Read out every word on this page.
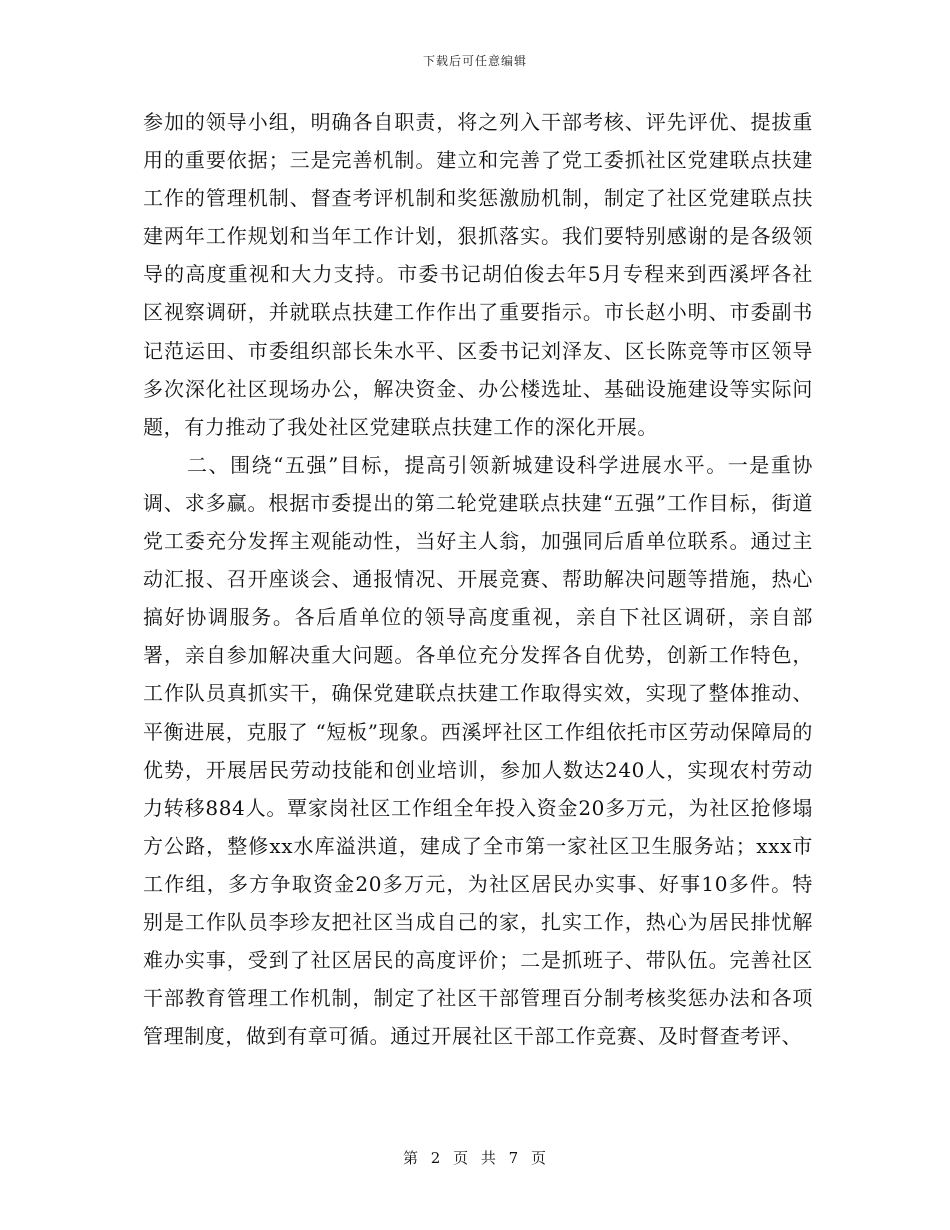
下载后可任意编辑

参加的领导小组，明确各自职责，将之列入干部考核、评先评优、提拔重用的重要依据；三是完善机制。建立和完善了党工委抓社区党建联点扶建工作的管理机制、督查考评机制和奖惩激励机制，制定了社区党建联点扶建两年工作规划和当年工作计划，狠抓落实。我们要特别感谢的是各级领导的高度重视和大力支持。市委书记胡伯俊去年5月专程来到西溪坪各社区视察调研，并就联点扶建工作作出了重要指示。市长赵小明、市委副书记范运田、市委组织部长朱水平、区委书记刘泽友、区长陈竞等市区领导多次深化社区现场办公，解决资金、办公楼选址、基础设施建设等实际问题，有力推动了我处社区党建联点扶建工作的深化开展。

二、围绕“五强”目标，提高引领新城建设科学进展水平。一是重协调、求多赢。根据市委提出的第二轮党建联点扶建“五强”工作目标，街道党工委充分发挥主观能动性，当好主人翁，加强同后盾单位联系。通过主动汇报、召开座谈会、通报情况、开展竞赛、帮助解决问题等措施，热心搞好协调服务。各后盾单位的领导高度重视，亲自下社区调研，亲自部署，亲自参加解决重大问题。各单位充分发挥各自优势，创新工作特色，工作队员真抓实干，确保党建联点扶建工作取得实效，实现了整体推动、平衡进展，克服了 “短板”现象。西溪坪社区工作组依托市区劳动保障局的优势，开展居民劳动技能和创业培训，参加人数达240人，实现农村劳动力转移884人。覃家岗社区工作组全年投入资金20多万元，为社区抢修塌方公路，整修xx水库溢洪道，建成了全市第一家社区卫生服务站；xxx市工作组，多方争取资金20多万元，为社区居民办实事、好事10多件。特别是工作队员李珍友把社区当成自己的家，扎实工作，热心为居民排忧解难办实事，受到了社区居民的高度评价；二是抓班子、带队伍。完善社区干部教育管理工作机制，制定了社区干部管理百分制考核奖惩办法和各项管理制度，做到有章可循。通过开展社区干部工作竞赛、及时督查考评、

第 2 页 共 7 页
